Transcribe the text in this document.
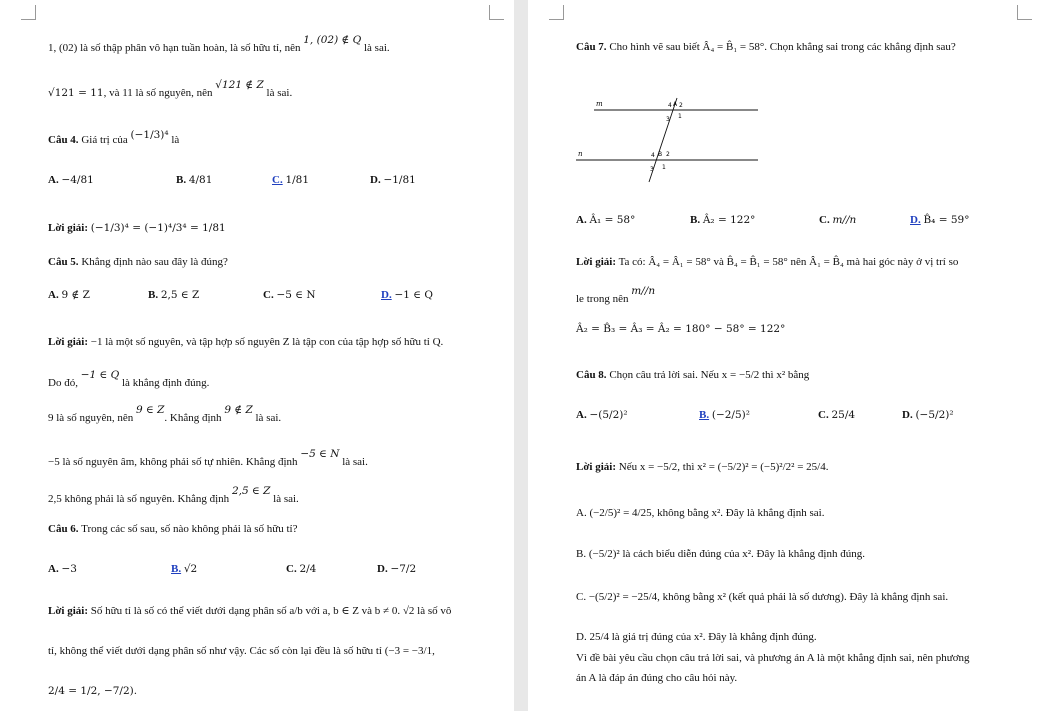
1, (02) là số thập phân vô hạn tuần hoàn, là số hữu tỉ, nên 1, (02) ∉ Q là sai.
√121 = 11, và 11 là số nguyên, nên √121 ∉ Z là sai.
Câu 4. Giá trị của (−1/3)⁴ là
A. −4/81	B. 4/81	C. 1/81	D. −1/81
Lời giải: (−1/3)⁴ = (−1)⁴/3⁴ = 1/81
Câu 5. Khẳng định nào sau đây là đúng?
A. 9 ∉ Z	B. 2,5 ∈ Z	C. −5 ∈ N	D. −1 ∈ Q
Lời giải: −1 là một số nguyên, và tập hợp số nguyên Z là tập con của tập hợp số hữu tỉ Q.
Do đó, −1 ∈ Q là khẳng định đúng.
9 là số nguyên, nên 9 ∈ Z. Khẳng định 9 ∉ Z là sai.
−5 là số nguyên âm, không phải số tự nhiên. Khẳng định −5 ∈ N là sai.
2,5 không phải là số nguyên. Khẳng định 2,5 ∈ Z là sai.
Câu 6. Trong các số sau, số nào không phải là số hữu tỉ?
A. −3	B. √2	C. 2/4	D. −7/2
Lời giải: Số hữu tỉ là số có thể viết dưới dạng phân số a/b với a, b ∈ Z và b ≠ 0. √2 là số vô
tỉ, không thể viết dưới dạng phân số như vậy. Các số còn lại đều là số hữu tỉ (−3 = −3/1,
2/4 = 1/2, −7/2).
Câu 7. Cho hình vẽ sau biết Â₄ = B̂₁ = 58°. Chọn khẳng sai trong các khẳng định sau?
m
n
4 A 2
3 1
4 B 2
3 1
A. Â₁ = 58°	B. Â₂ = 122°	C. m//n	D. B̂₄ = 59°
Lời giải: Ta có: Â₄ = Â₁ = 58° và B̂₄ = B̂₁ = 58° nên Â₁ = B̂₄ mà hai góc này ở vị trí so
le trong nên m//n
Â₂ = B̂₃ = Â₃ = Â₂ = 180° − 58° = 122°
Câu 8. Chọn câu trả lời sai. Nếu x = −5/2 thì x² bằng
A. −(5/2)²	B. (−2/5)²	C. 25/4	D. (−5/2)²
Lời giải: Nếu x = −5/2, thì x² = (−5/2)² = (−5)²/2² = 25/4.
A. (−2/5)² = 4/25, không bằng x². Đây là khẳng định sai.
B. (−5/2)² là cách biểu diễn đúng của x². Đây là khẳng định đúng.
C. −(5/2)² = −25/4, không bằng x² (kết quả phải là số dương). Đây là khẳng định sai.
D. 25/4 là giá trị đúng của x². Đây là khẳng định đúng.
Vì đề bài yêu cầu chọn câu trả lời sai, và phương án A là một khẳng định sai, nên phương
án A là đáp án đúng cho câu hỏi này.
